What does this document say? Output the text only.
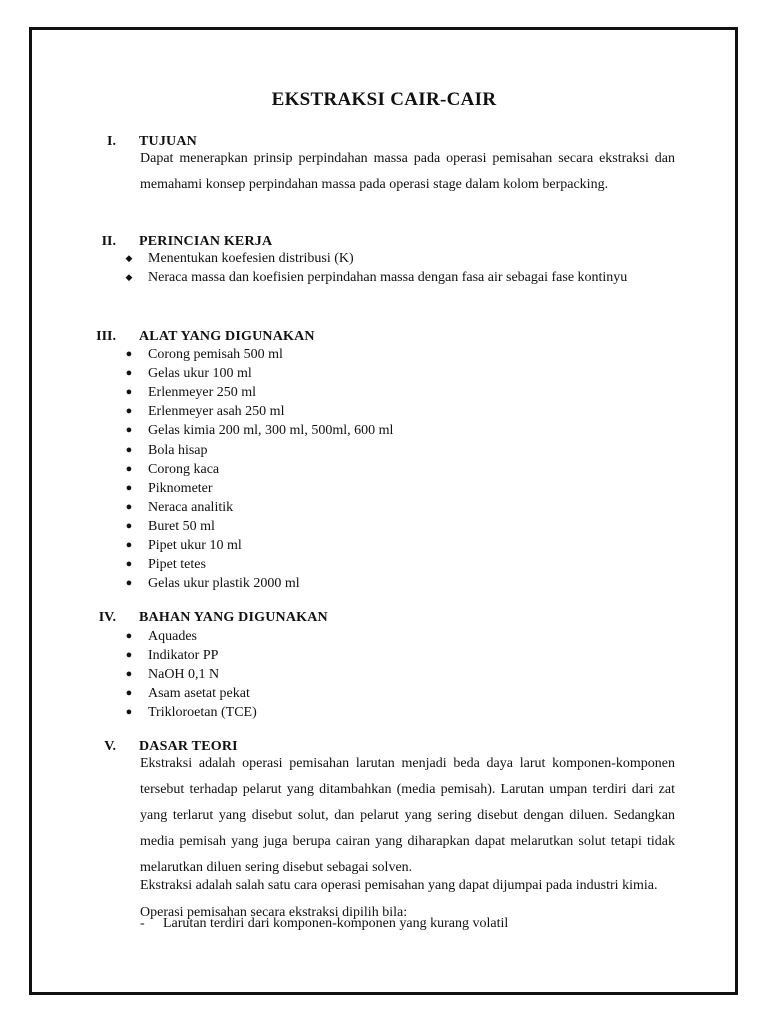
EKSTRAKSI CAIR-CAIR
I. TUJUAN

Dapat menerapkan prinsip perpindahan massa pada operasi pemisahan secara ekstraksi dan memahami konsep perpindahan massa pada operasi stage dalam kolom berpacking.

II. PERINCIAN KERJA
◆ Menentukan koefesien distribusi (K)
◆ Neraca massa dan koefisien perpindahan massa dengan fasa air sebagai fase kontinyu

III. ALAT YANG DIGUNAKAN
● Corong pemisah 500 ml
● Gelas ukur 100 ml
● Erlenmeyer 250 ml
● Erlenmeyer asah 250 ml
● Gelas kimia 200 ml, 300 ml, 500ml, 600 ml
● Bola hisap
● Corong kaca
● Piknometer
● Neraca analitik
● Buret 50 ml
● Pipet ukur 10 ml
● Pipet tetes
● Gelas ukur plastik 2000 ml
IV. BAHAN YANG DIGUNAKAN
● Aquades
● Indikator PP
● NaOH 0,1 N
● Asam asetat pekat
● Trikloroetan (TCE)
V. DASAR TEORI

Ekstraksi adalah operasi pemisahan larutan menjadi beda daya larut komponen-komponen tersebut terhadap pelarut yang ditambahkan (media pemisah). Larutan umpan terdiri dari zat yang terlarut yang disebut solut, dan pelarut yang sering disebut dengan diluen. Sedangkan media pemisah yang juga berupa cairan yang diharapkan dapat melarutkan solut tetapi tidak melarutkan diluen sering disebut sebagai solven.

Ekstraksi adalah salah satu cara operasi pemisahan yang dapat dijumpai pada industri kimia. Operasi pemisahan secara ekstraksi dipilih bila:

- Larutan terdiri dari komponen-komponen yang kurang volatil
